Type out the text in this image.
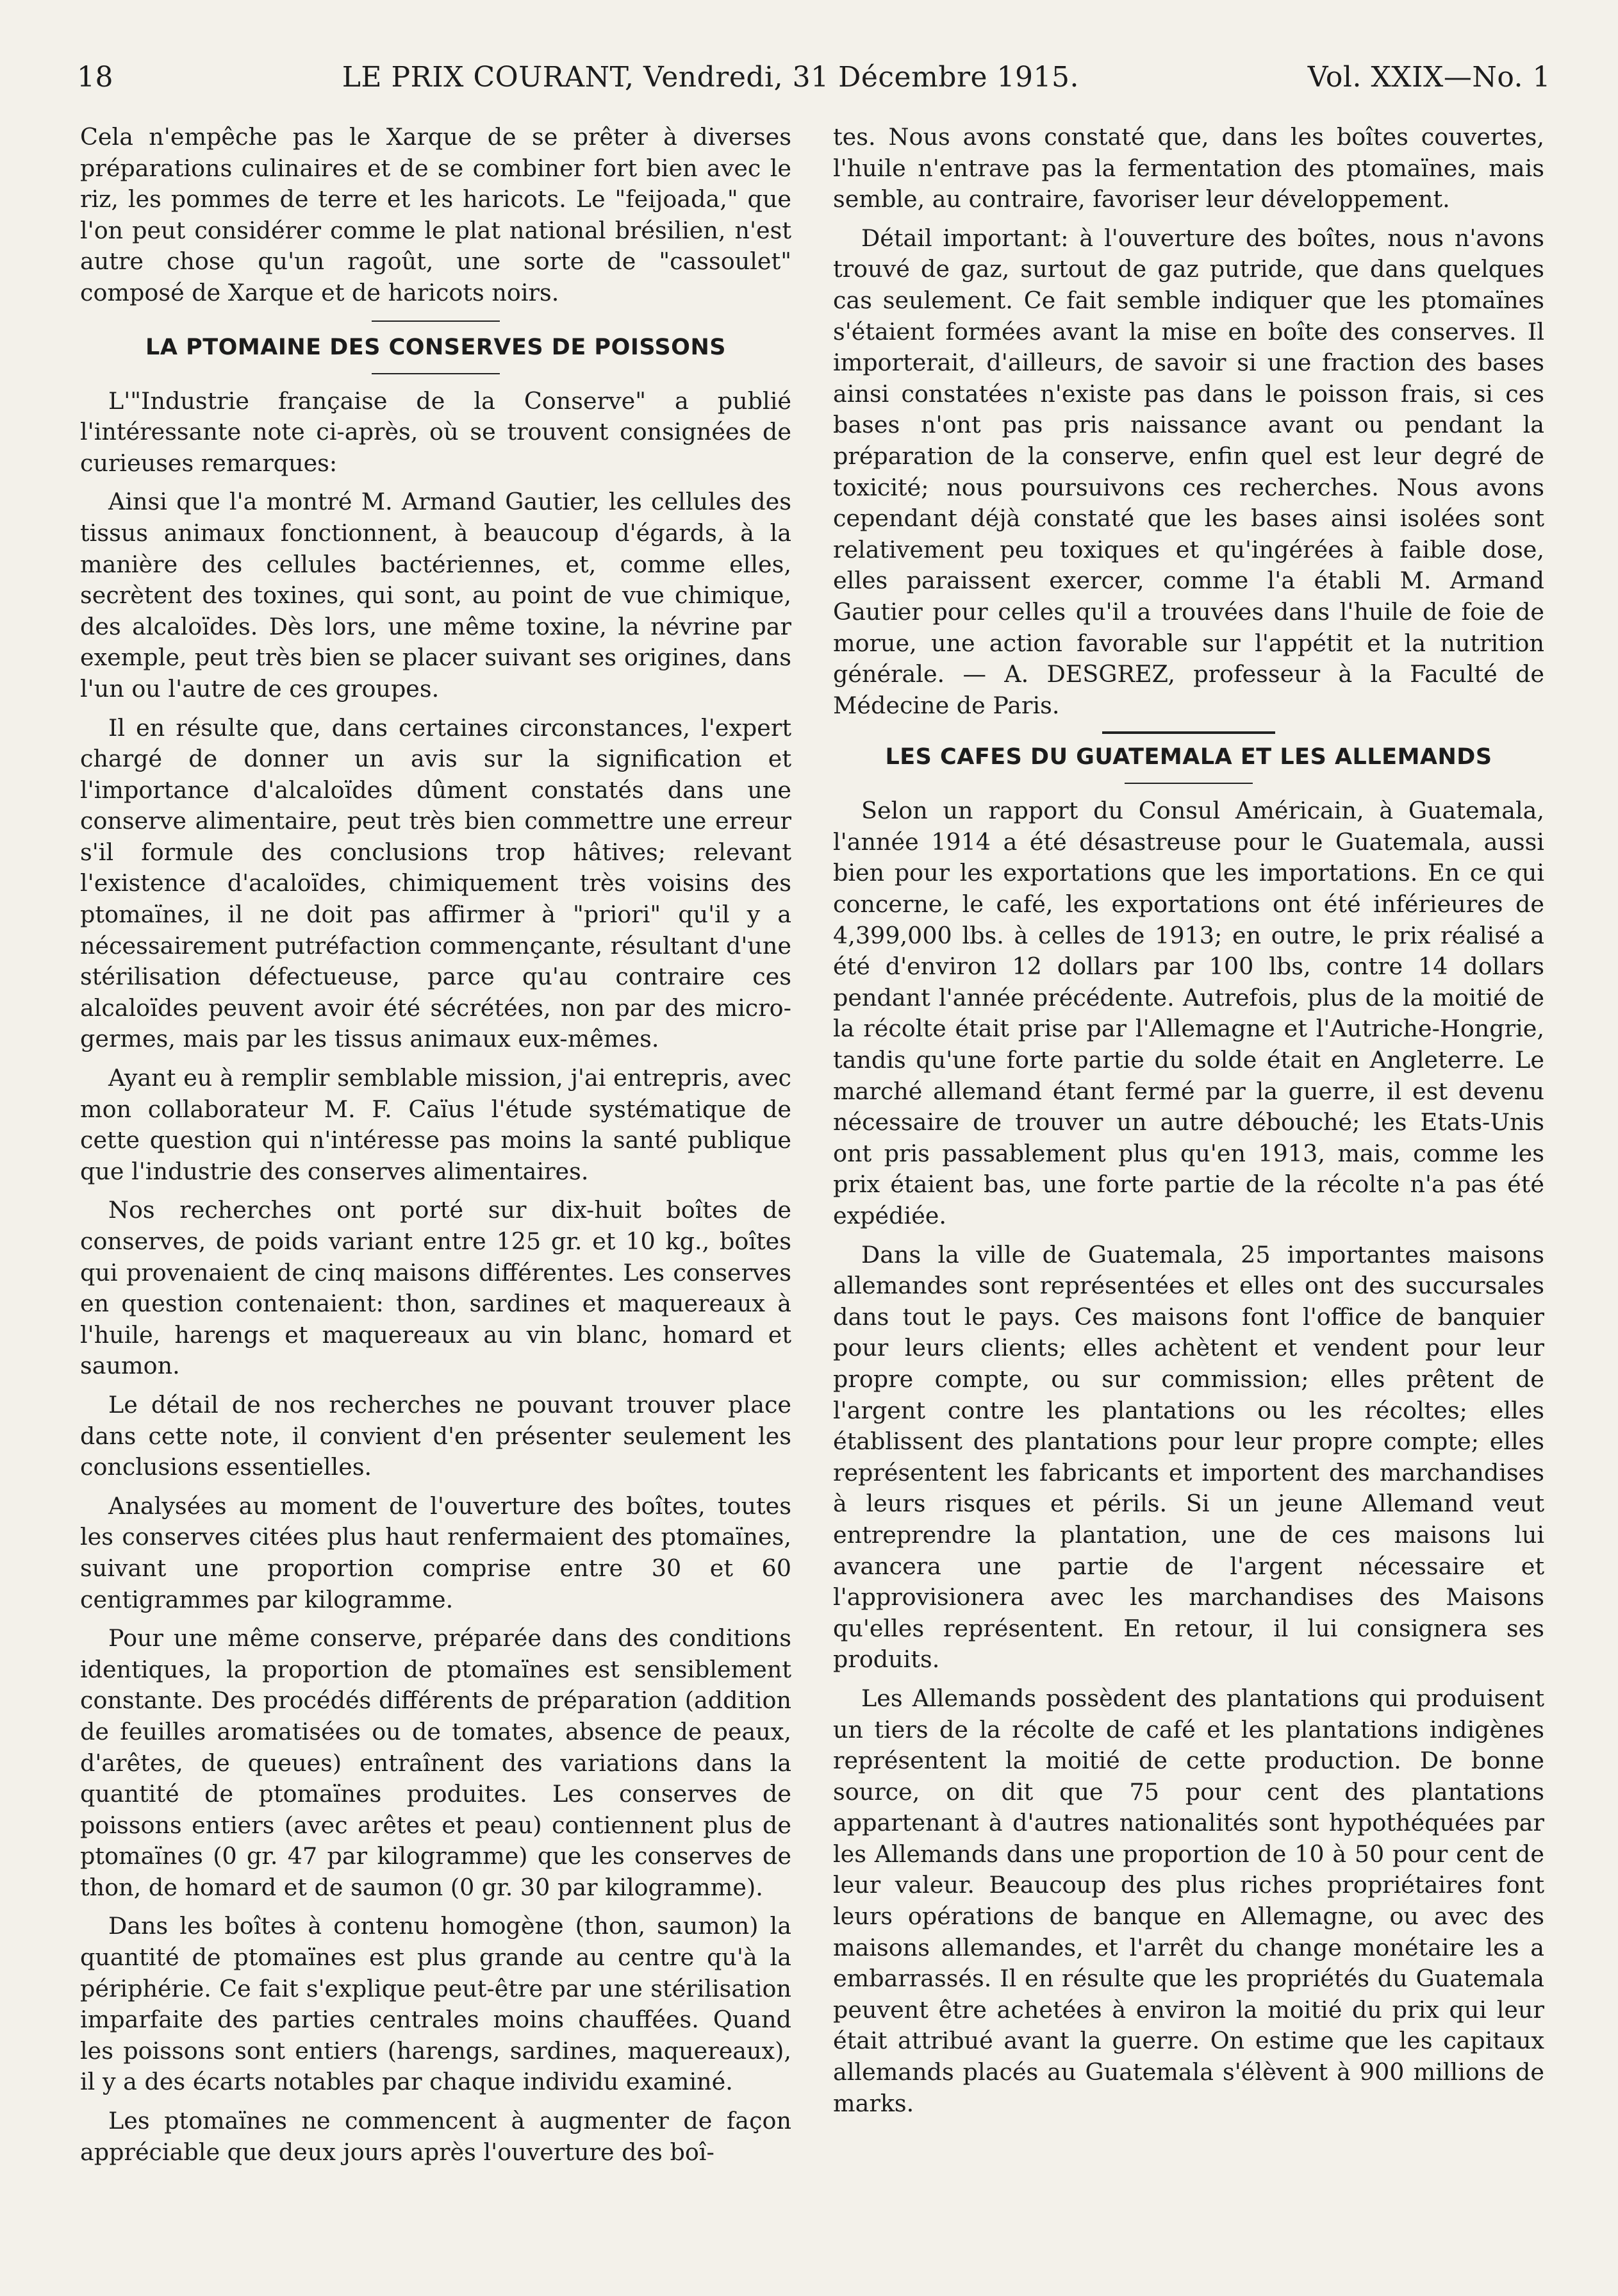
18	LE PRIX COURANT, Vendredi, 31 Décembre 1915.	Vol. XXIX—No. 1

Cela n'empêche pas le Xarque de se prêter à diverses préparations culinaires et de se combiner fort bien avec le riz, les pommes de terre et les haricots. Le "feijoada," que l'on peut considérer comme le plat national brésilien, n'est autre chose qu'un ragoût, une sorte de "cassoulet" composé de Xarque et de haricots noirs.

LA PTOMAINE DES CONSERVES DE POISSONS

L'"Industrie française de la Conserve" a publié l'intéressante note ci-après, où se trouvent consignées de curieuses remarques:

Ainsi que l'a montré M. Armand Gautier, les cellules des tissus animaux fonctionnent, à beaucoup d'égards, à la manière des cellules bactériennes, et, comme elles, secrètent des toxines, qui sont, au point de vue chimique, des alcaloïdes. Dès lors, une même toxine, la névrine par exemple, peut très bien se placer suivant ses origines, dans l'un ou l'autre de ces groupes.

Il en résulte que, dans certaines circonstances, l'expert chargé de donner un avis sur la signification et l'importance d'alcaloïdes dûment constatés dans une conserve alimentaire, peut très bien commettre une erreur s'il formule des conclusions trop hâtives; relevant l'existence d'acaloïdes, chimiquement très voisins des ptomaïnes, il ne doit pas affirmer à "priori" qu'il y a nécessairement putréfaction commençante, résultant d'une stérilisation défectueuse, parce qu'au contraire ces alcaloïdes peuvent avoir été sécrétées, non par des micro-germes, mais par les tissus animaux eux-mêmes.

Ayant eu à remplir semblable mission, j'ai entrepris, avec mon collaborateur M. F. Caïus l'étude systématique de cette question qui n'intéresse pas moins la santé publique que l'industrie des conserves alimentaires.

Nos recherches ont porté sur dix-huit boîtes de conserves, de poids variant entre 125 gr. et 10 kg., boîtes qui provenaient de cinq maisons différentes. Les conserves en question contenaient: thon, sardines et maquereaux à l'huile, harengs et maquereaux au vin blanc, homard et saumon.

Le détail de nos recherches ne pouvant trouver place dans cette note, il convient d'en présenter seulement les conclusions essentielles.

Analysées au moment de l'ouverture des boîtes, toutes les conserves citées plus haut renfermaient des ptomaïnes, suivant une proportion comprise entre 30 et 60 centigrammes par kilogramme.

Pour une même conserve, préparée dans des conditions identiques, la proportion de ptomaïnes est sensiblement constante. Des procédés différents de préparation (addition de feuilles aromatisées ou de tomates, absence de peaux, d'arêtes, de queues) entraînent des variations dans la quantité de ptomaïnes produites. Les conserves de poissons entiers (avec arêtes et peau) contiennent plus de ptomaïnes (0 gr. 47 par kilogramme) que les conserves de thon, de homard et de saumon (0 gr. 30 par kilogramme).

Dans les boîtes à contenu homogène (thon, saumon) la quantité de ptomaïnes est plus grande au centre qu'à la périphérie. Ce fait s'explique peut-être par une stérilisation imparfaite des parties centrales moins chauffées. Quand les poissons sont entiers (harengs, sardines, maquereaux), il y a des écarts notables par chaque individu examiné.

Les ptomaïnes ne commencent à augmenter de façon appréciable que deux jours après l'ouverture des boî-

tes. Nous avons constaté que, dans les boîtes couvertes, l'huile n'entrave pas la fermentation des ptomaïnes, mais semble, au contraire, favoriser leur développement.

Détail important: à l'ouverture des boîtes, nous n'avons trouvé de gaz, surtout de gaz putride, que dans quelques cas seulement. Ce fait semble indiquer que les ptomaïnes s'étaient formées avant la mise en boîte des conserves. Il importerait, d'ailleurs, de savoir si une fraction des bases ainsi constatées n'existe pas dans le poisson frais, si ces bases n'ont pas pris naissance avant ou pendant la préparation de la conserve, enfin quel est leur degré de toxicité; nous poursuivons ces recherches. Nous avons cependant déjà constaté que les bases ainsi isolées sont relativement peu toxiques et qu'ingérées à faible dose, elles paraissent exercer, comme l'a établi M. Armand Gautier pour celles qu'il a trouvées dans l'huile de foie de morue, une action favorable sur l'appétit et la nutrition générale. — A. DESGREZ, professeur à la Faculté de Médecine de Paris.

LES CAFES DU GUATEMALA ET LES ALLEMANDS

Selon un rapport du Consul Américain, à Guatemala, l'année 1914 a été désastreuse pour le Guatemala, aussi bien pour les exportations que les importations. En ce qui concerne, le café, les exportations ont été inférieures de 4,399,000 lbs. à celles de 1913; en outre, le prix réalisé a été d'environ 12 dollars par 100 lbs, contre 14 dollars pendant l'année précédente. Autrefois, plus de la moitié de la récolte était prise par l'Allemagne et l'Autriche-Hongrie, tandis qu'une forte partie du solde était en Angleterre. Le marché allemand étant fermé par la guerre, il est devenu nécessaire de trouver un autre débouché; les Etats-Unis ont pris passablement plus qu'en 1913, mais, comme les prix étaient bas, une forte partie de la récolte n'a pas été expédiée.

Dans la ville de Guatemala, 25 importantes maisons allemandes sont représentées et elles ont des succursales dans tout le pays. Ces maisons font l'office de banquier pour leurs clients; elles achètent et vendent pour leur propre compte, ou sur commission; elles prêtent de l'argent contre les plantations ou les récoltes; elles établissent des plantations pour leur propre compte; elles représentent les fabricants et importent des marchandises à leurs risques et périls. Si un jeune Allemand veut entreprendre la plantation, une de ces maisons lui avancera une partie de l'argent nécessaire et l'approvisionera avec les marchandises des Maisons qu'elles représentent. En retour, il lui consignera ses produits.

Les Allemands possèdent des plantations qui produisent un tiers de la récolte de café et les plantations indigènes représentent la moitié de cette production. De bonne source, on dit que 75 pour cent des plantations appartenant à d'autres nationalités sont hypothéquées par les Allemands dans une proportion de 10 à 50 pour cent de leur valeur. Beaucoup des plus riches propriétaires font leurs opérations de banque en Allemagne, ou avec des maisons allemandes, et l'arrêt du change monétaire les a embarrassés. Il en résulte que les propriétés du Guatemala peuvent être achetées à environ la moitié du prix qui leur était attribué avant la guerre. On estime que les capitaux allemands placés au Guatemala s'élèvent à 900 millions de marks.
